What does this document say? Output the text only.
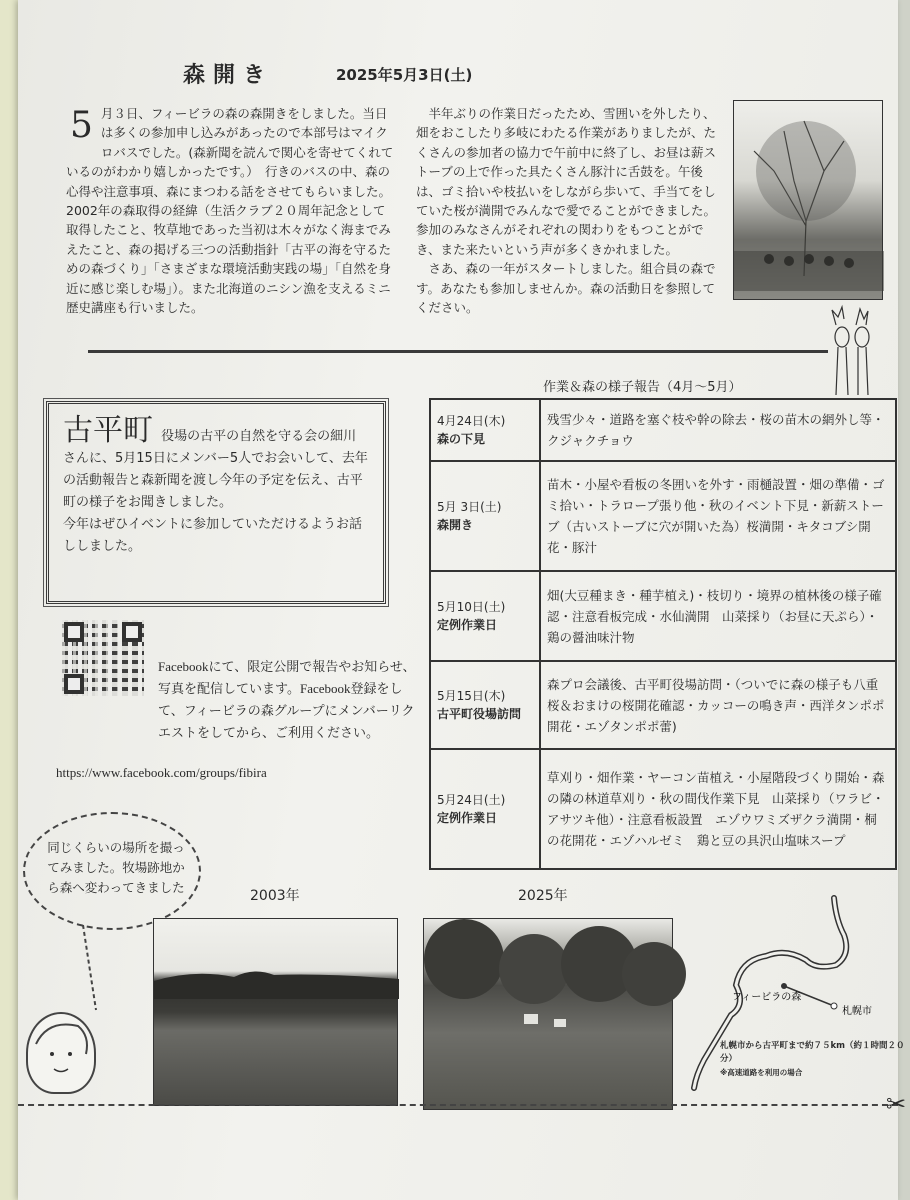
森開き	2025年5月3日(土)
5 月３日、フィービラの森の森開きをしました。当日は多くの参加申し込みがあったので本部号はマイクロバスでした。(森新聞を読んで関心を寄せてくれているのがわかり嬉しかったです。）　行きのバスの中、森の心得や注意事項、森にまつわる話をさせてもらいました。2002年の森取得の経緯（生活クラブ２０周年記念として取得したこと、牧草地であった当初は木々がなく海までみえたこと、森の掲げる三つの活動指針「古平の海を守るための森づくり」「さまざまな環境活動実践の場」「自然を身近に感じ楽しむ場」）。また北海道のニシン漁を支えるミニ歴史講座も行いました。

半年ぶりの作業日だったため、雪囲いを外したり、畑をおこしたり多岐にわたる作業がありましたが、たくさんの参加者の協力で午前中に終了し、お昼は薪ストーブの上で作った具たくさん豚汁に舌鼓を。午後は、ゴミ拾いや枝払いをしながら歩いて、手当てをしていた桜が満開でみんなで愛でることができました。参加のみなさんがそれぞれの関わりをもつことができ、また来たいという声が多くきかれました。

さあ、森の一年がスタートしました。組合員の森です。あなたも参加しませんか。森の活動日を参照してください。

作業＆森の様子報告（4月～5月）
古平町 役場の古平の自然を守る会の細川さんに、5月15日にメンバー5人でお会いして、去年の活動報告と森新聞を渡し今年の予定を伝え、古平町の様子をお聞きしました。
今年はぜひイベントに参加していただけるようお話ししました。
Facebookにて、限定公開で報告やお知らせ、写真を配信しています。Facebook登録をして、フィービラの森グループにメンバーリクエストをしてから、ご利用ください。
https://www.facebook.com/groups/fibira
4月24日(木)
森の下見	残雪少々・道路を塞ぐ枝や幹の除去・桜の苗木の網外し等・クジャクチョウ

5月 3日(土)
森開き	苗木・小屋や看板の冬囲いを外す・雨樋設置・畑の準備・ゴミ拾い・トラロープ張り他・秋のイベント下見・新薪ストーブ（古いストーブに穴が開いた為）桜満開・キタコブシ開花・豚汁

5月10日(土)
定例作業日	畑(大豆種まき・種芋植え)・枝切り・境界の植林後の様子確認・注意看板完成・水仙満開　山菜採り（お昼に天ぷら）・鶏の醤油味汁物

5月15日(木)
古平町役場訪問	森プロ会議後、古平町役場訪問・（ついでに森の様子も八重桜＆おまけの桜開花確認・カッコーの鳴き声・西洋タンポポ開花・エゾタンポポ蕾)

5月24日(土)
定例作業日	草刈り・畑作業・ヤーコン苗植え・小屋階段づくり開始・森の隣の林道草刈り・秋の間伐作業下見　山菜採り（ワラビ・アサツキ他）・注意看板設置　エゾウワミズザクラ満開・桐の花開花・エゾハルゼミ　鶏と豆の具沢山塩味スープ
同じくらいの場所を撮ってみました。牧場跡地から森へ変わってきました
2003年	2025年
フィービラの森
札幌市
札幌市から古平町まで約７５km（約１時間２０分）
※高速道路を利用の場合
✂
